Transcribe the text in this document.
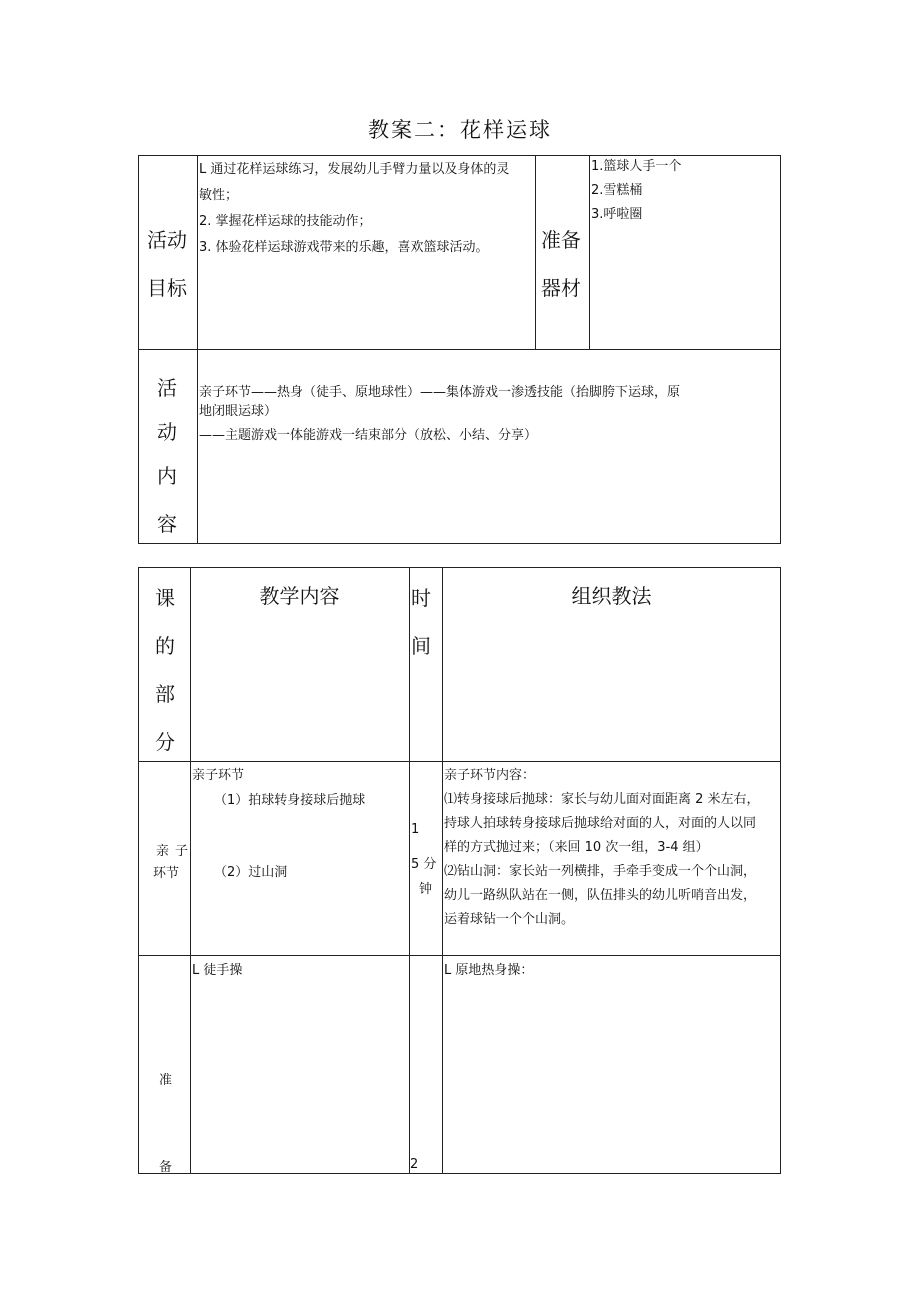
教案二：花样运球
活动
目标
L 通过花样运球练习，发展幼儿手臂力量以及身体的灵
敏性；
2. 掌握花样运球的技能动作；
3. 体验花样运球游戏带来的乐趣，喜欢篮球活动。	准备
器材
1.篮球人手一个
2.雪糕桶
3.呼啦圈
活
动
内
容
亲子环节——热身（徒手、原地球性）——集体游戏一渗透技能（抬脚胯下运球，原
地闭眼运球）
——主题游戏一体能游戏一结束部分（放松、小结、分享）
课
的
部
分
教学内容	时
间
组织教法
亲 子
环节
亲子环节
（1）拍球转身接球后抛球
（2）过山洞
1
5 分
钟
亲子环节内容：
⑴转身接球后抛球：家长与幼儿面对面距离 2 米左右，
持球人拍球转身接球后抛球给对面的人，对面的人以同
样的方式抛过来；（来回 10 次一组，3-4 组）
⑵钻山洞：家长站一列横排，手牵手变成一个个山洞，
幼儿一路纵队站在一侧，队伍排头的幼儿听哨音出发，
运着球钻一个个山洞。
准
备
L 徒手操
2
L 原地热身操：
